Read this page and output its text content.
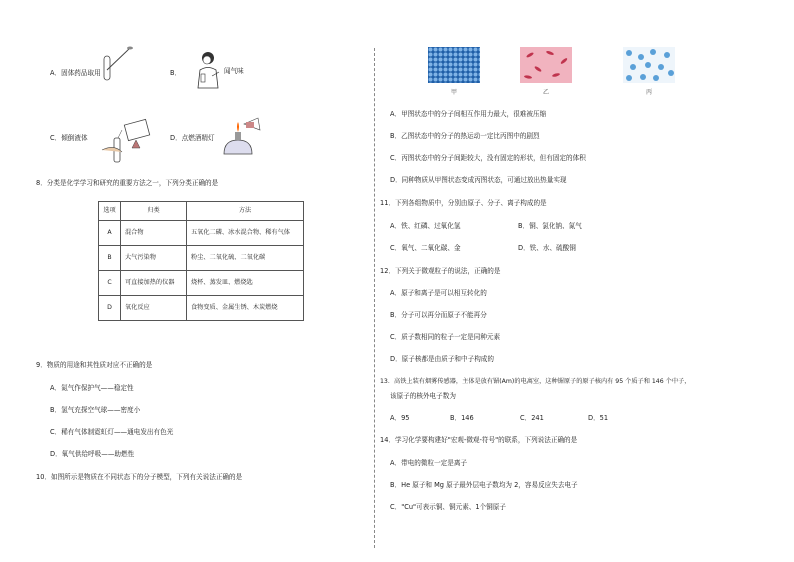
A．固体药品取用	B．	闻气味
C．倾倒液体	D．点燃酒精灯
8．分类是化学学习和研究的重要方法之一，下列分类正确的是
选项	归类	方法
A	混合物	五氧化二磷、冰水混合物、稀有气体
B	大气污染物	粉尘、二氧化硫、二氧化碳
C	可直接加热的仪器	烧杯、蒸发皿、燃烧匙
D	氧化反应	食物变质、金属生锈、木炭燃烧
9．物质的用途和其性质对应不正确的是
A．氮气作保护气——稳定性
B．氢气充探空气球——密度小
C．稀有气体制霓虹灯——通电发出有色光
D．氧气供给呼吸——助燃性
10．如图所示是物质在不同状态下的分子模型，下列有关说法正确的是
甲	乙	丙
A．甲图状态中的分子间相互作用力最大，很难被压缩
B．乙图状态中的分子的热运动一定比丙图中的剧烈
C．丙图状态中的分子间距较大，没有固定的形状，但有固定的体积
D．同种物质从甲图状态变成丙图状态，可通过放出热量实现
11．下列各组物质中，分别由原子、分子、离子构成的是
A．铁、红磷、过氧化氢	B．铜、氯化钠、氮气
C．氧气、二氧化碳、金	D．铁、水、硫酸铜
12．下列关于微观粒子的说法，正确的是
A．原子和离子是可以相互转化的
B．分子可以再分而原子不能再分
C．质子数相同的粒子一定是同种元素
D．原子核都是由质子和中子构成的
13．高铁上装有烟雾传感器，主体是放有镅(Am)的电离室，这种镅原子的原子核内有 95 个质子和 146 个中子，
该原子的核外电子数为
A．95	B．146	C．241	D．51
14．学习化学要构建好"宏观-微观-符号"的联系，下列说法正确的是
A．带电的微粒一定是离子
B．He 原子和 Mg 原子最外层电子数均为 2，容易反应失去电子
C．"Cu"可表示铜、铜元素、1个铜原子
